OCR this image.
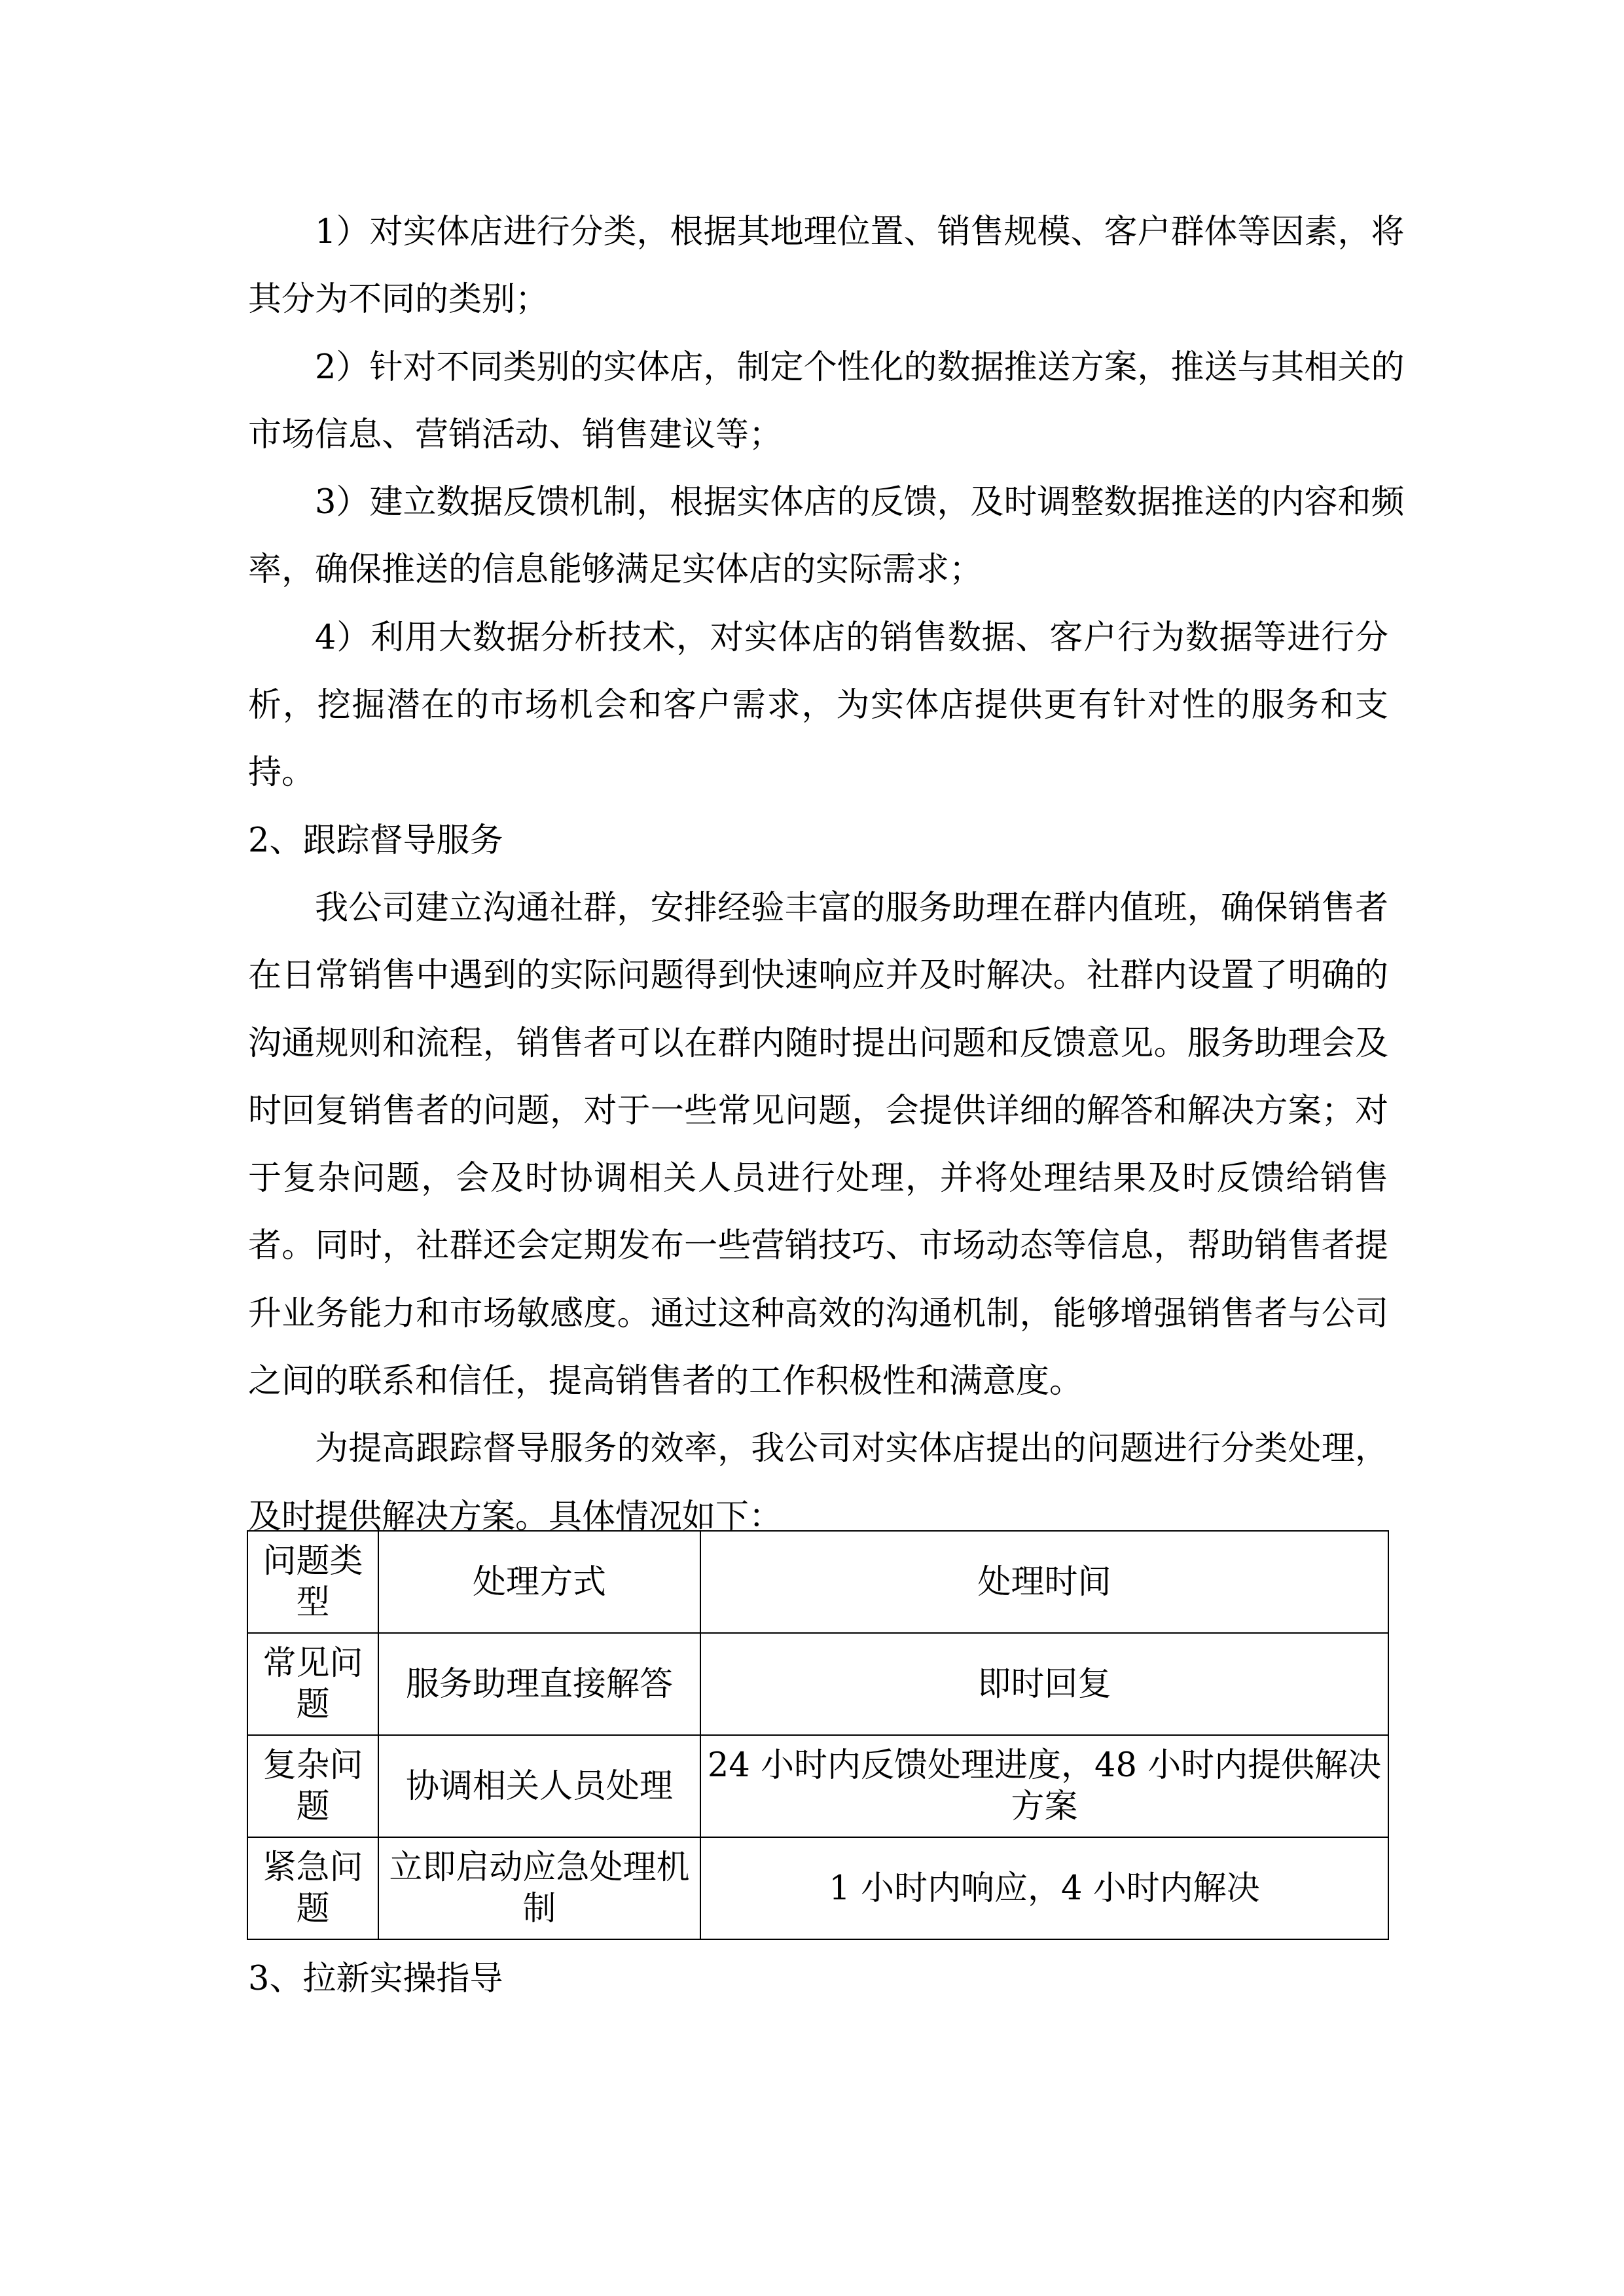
1）对实体店进行分类，根据其地理位置、销售规模、客户群体等因素，将
其分为不同的类别；
2）针对不同类别的实体店，制定个性化的数据推送方案，推送与其相关的
市场信息、营销活动、销售建议等；
3）建立数据反馈机制，根据实体店的反馈，及时调整数据推送的内容和频
率，确保推送的信息能够满足实体店的实际需求；
4）利用大数据分析技术，对实体店的销售数据、客户行为数据等进行分
析，挖掘潜在的市场机会和客户需求，为实体店提供更有针对性的服务和支
持。
2、跟踪督导服务
我公司建立沟通社群，安排经验丰富的服务助理在群内值班，确保销售者
在日常销售中遇到的实际问题得到快速响应并及时解决。社群内设置了明确的
沟通规则和流程，销售者可以在群内随时提出问题和反馈意见。服务助理会及
时回复销售者的问题，对于一些常见问题，会提供详细的解答和解决方案；对
于复杂问题，会及时协调相关人员进行处理，并将处理结果及时反馈给销售
者。同时，社群还会定期发布一些营销技巧、市场动态等信息，帮助销售者提
升业务能力和市场敏感度。通过这种高效的沟通机制，能够增强销售者与公司
之间的联系和信任，提高销售者的工作积极性和满意度。
为提高跟踪督导服务的效率，我公司对实体店提出的问题进行分类处理，
及时提供解决方案。具体情况如下：
问题类型	处理方式	处理时间
常见问题	服务助理直接解答	即时回复
复杂问题	协调相关人员处理	24 小时内反馈处理进度，48 小时内提供解决方案
紧急问题	立即启动应急处理机制	1 小时内响应，4 小时内解决
3、拉新实操指导
